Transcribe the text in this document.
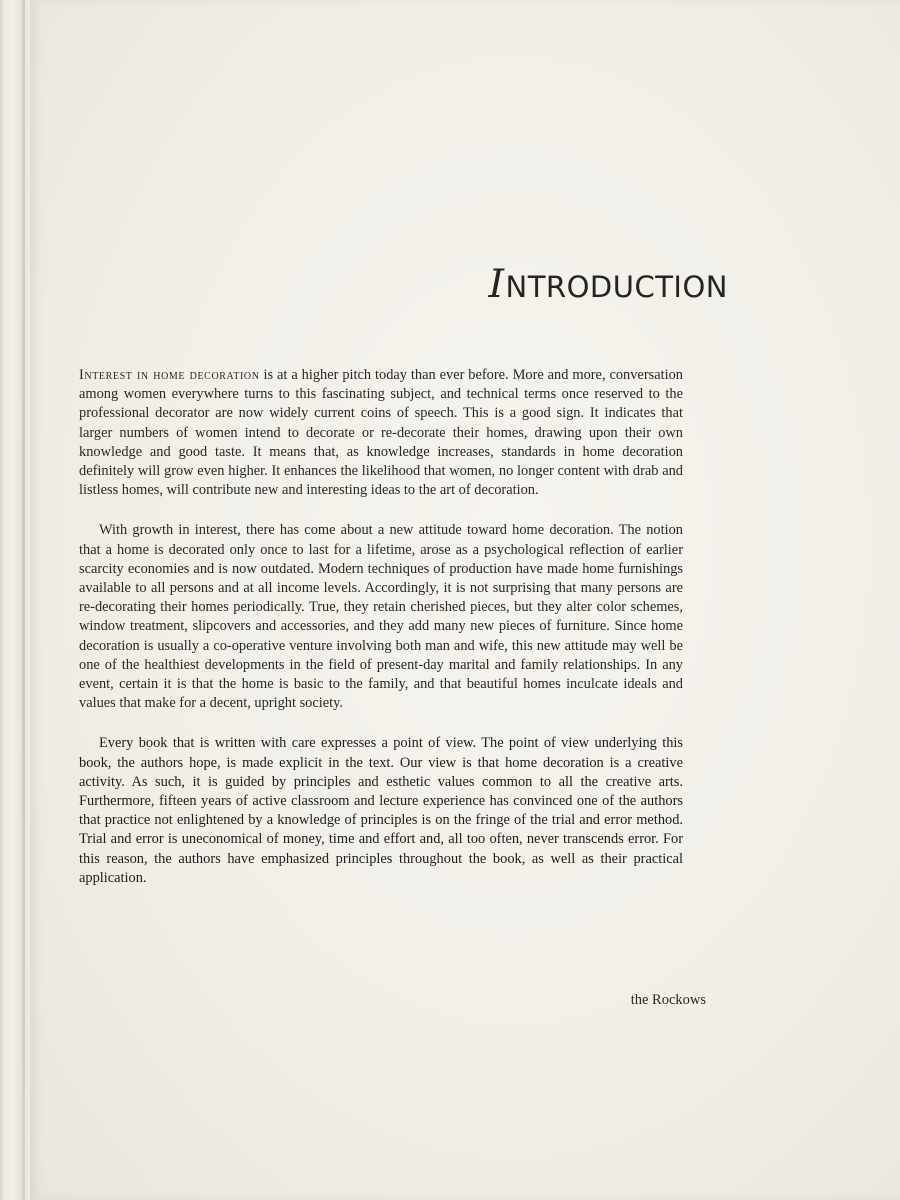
INTRODUCTION

Interest in home decoration is at a higher pitch today than ever before. More and more, conversation among women everywhere turns to this fascinating subject, and technical terms once reserved to the professional decorator are now widely current coins of speech. This is a good sign. It indicates that larger numbers of women intend to decorate or re-decorate their homes, drawing upon their own knowledge and good taste. It means that, as knowledge increases, standards in home decoration definitely will grow even higher. It enhances the likelihood that women, no longer content with drab and listless homes, will contribute new and interesting ideas to the art of decoration.

With growth in interest, there has come about a new attitude toward home decoration. The notion that a home is decorated only once to last for a lifetime, arose as a psychological reflection of earlier scarcity economies and is now outdated. Modern techniques of production have made home furnishings available to all persons and at all income levels. Accordingly, it is not surprising that many persons are re-decorating their homes periodically. True, they retain cherished pieces, but they alter color schemes, window treatment, slipcovers and accessories, and they add many new pieces of furniture. Since home decoration is usually a co-operative venture involving both man and wife, this new attitude may well be one of the healthiest developments in the field of present-day marital and family relationships. In any event, certain it is that the home is basic to the family, and that beautiful homes inculcate ideals and values that make for a decent, upright society.

Every book that is written with care expresses a point of view. The point of view underlying this book, the authors hope, is made explicit in the text. Our view is that home decoration is a creative activity. As such, it is guided by principles and esthetic values common to all the creative arts. Furthermore, fifteen years of active classroom and lecture experience has convinced one of the authors that practice not enlightened by a knowledge of principles is on the fringe of the trial and error method. Trial and error is uneconomical of money, time and effort and, all too often, never transcends error. For this reason, the authors have emphasized principles throughout the book, as well as their practical application.

the Rockows
